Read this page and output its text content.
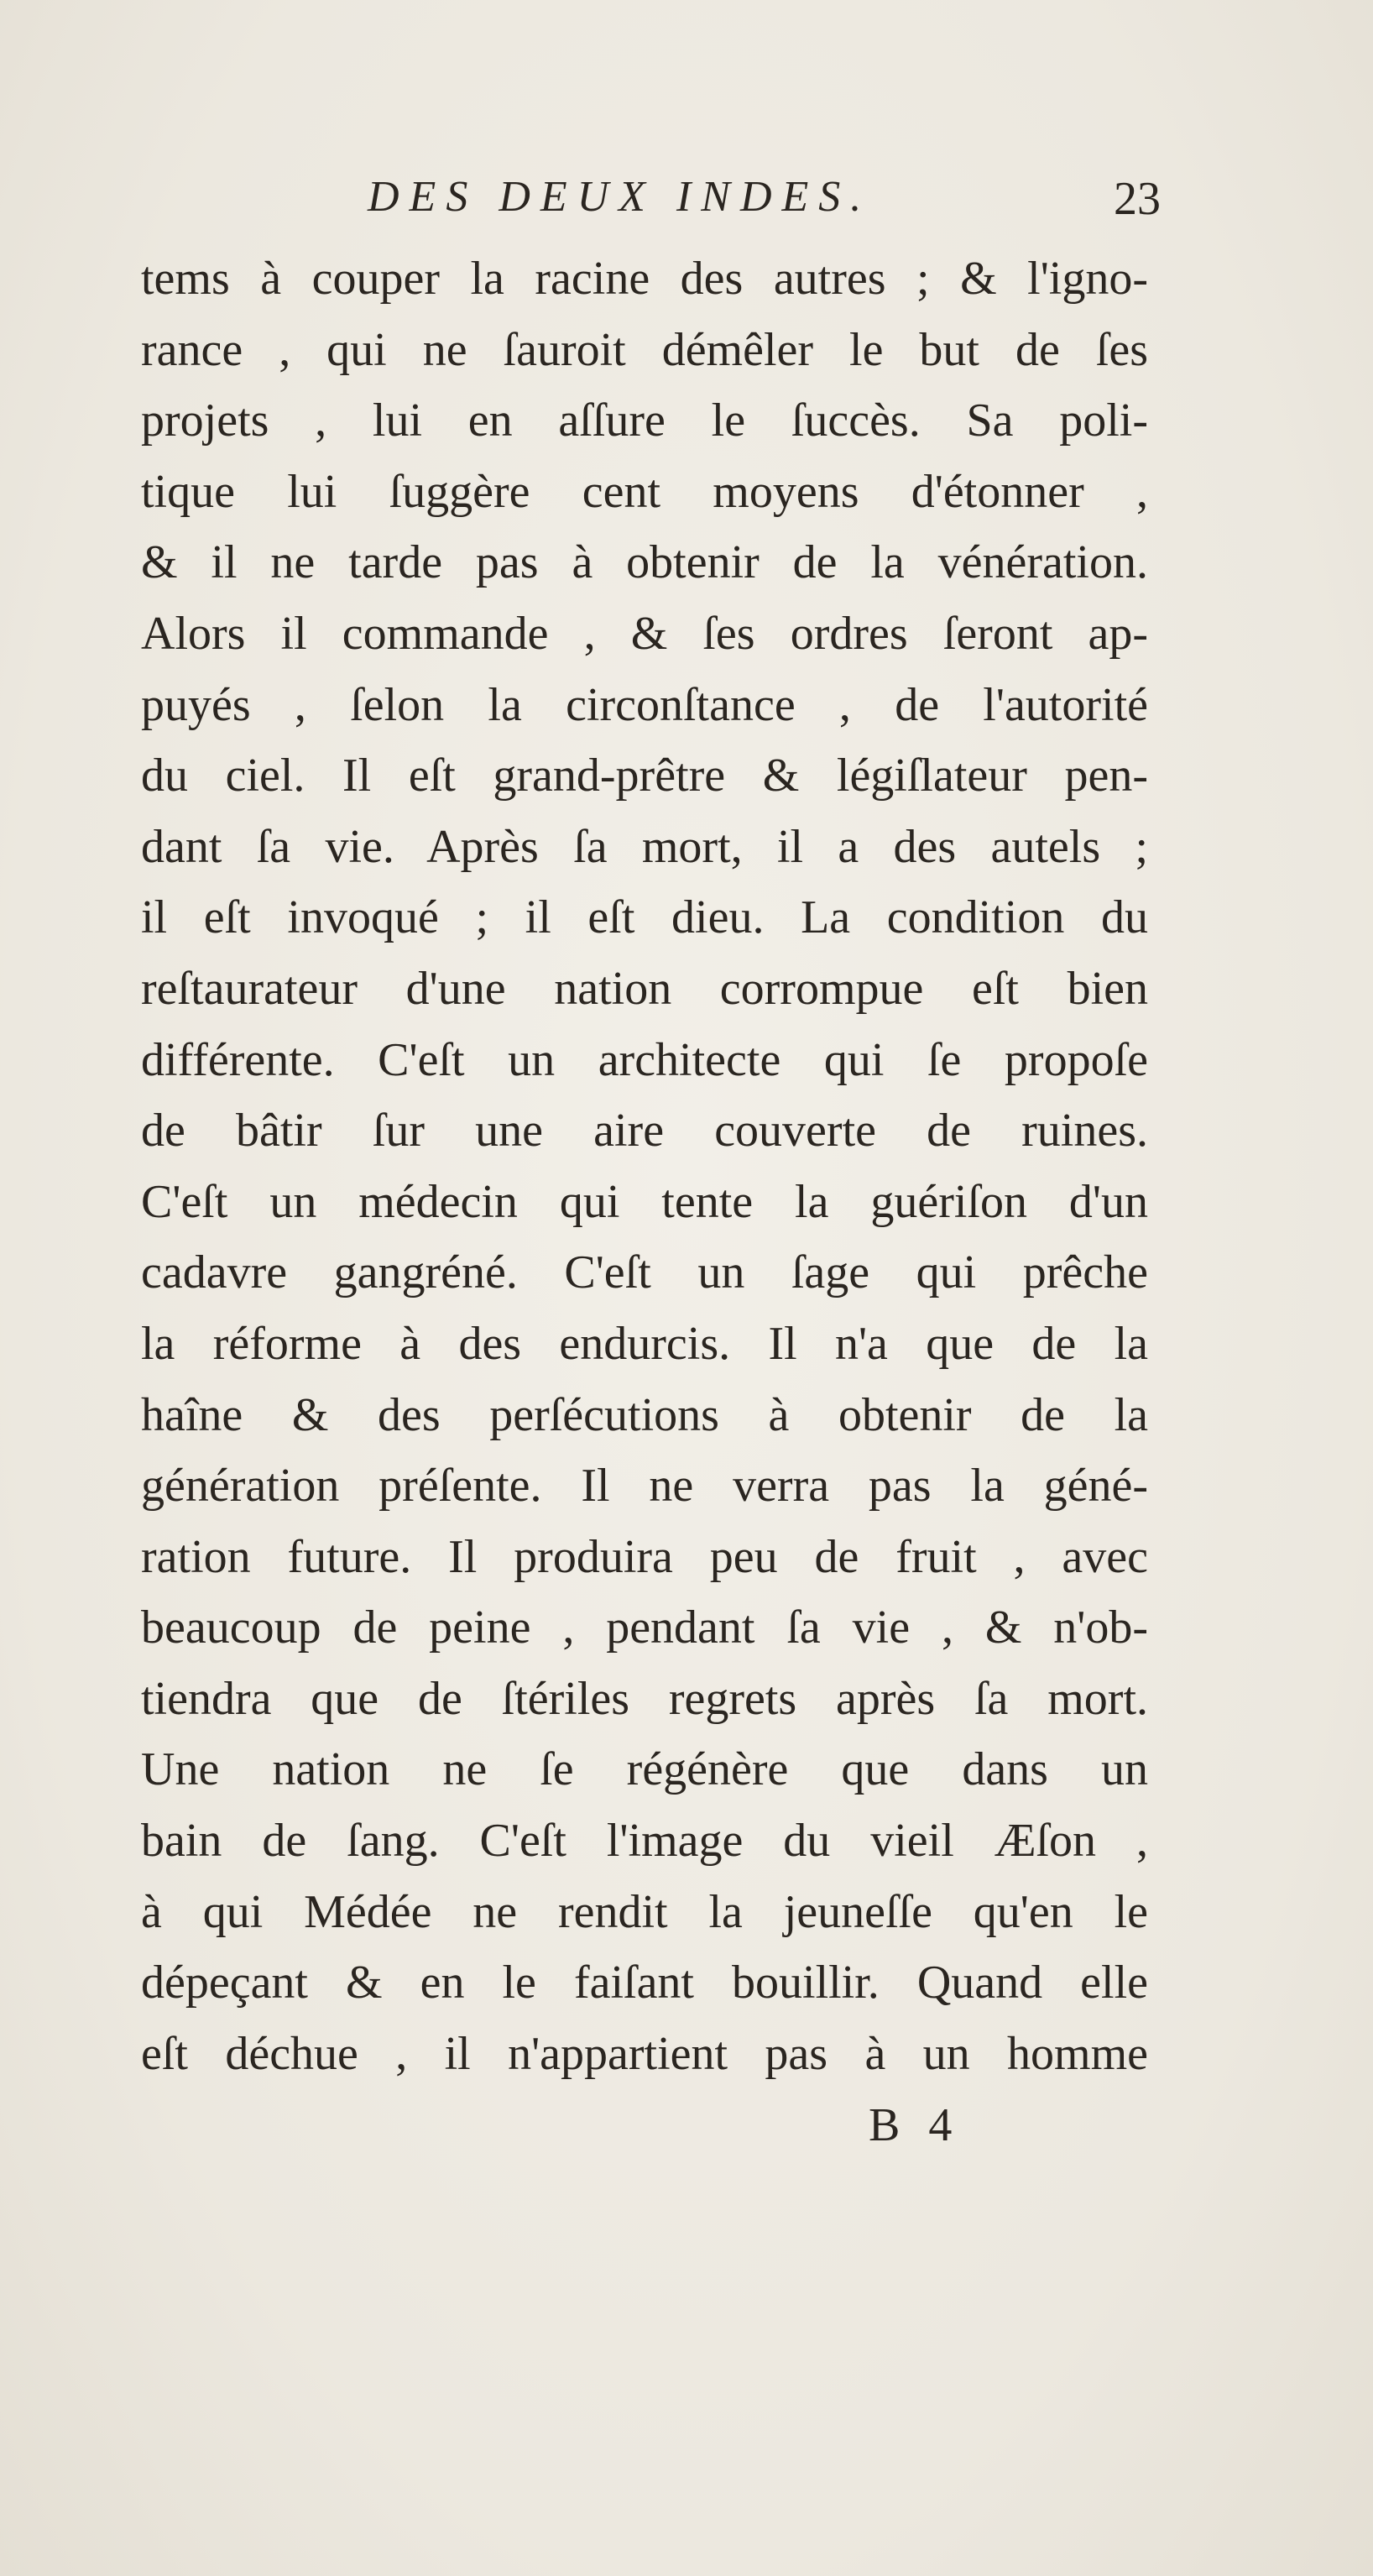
DES DEUX INDES.	23
tems à couper la racine des autres ; & l'igno-
rance , qui ne ſauroit démêler le but de ſes
projets , lui en aſſure le ſuccès. Sa poli-
tique lui ſuggère cent moyens d'étonner ,
& il ne tarde pas à obtenir de la vénération.
Alors il commande , & ſes ordres ſeront ap-
puyés , ſelon la circonſtance , de l'autorité
du ciel. Il eſt grand-prêtre & légiſlateur pen-
dant ſa vie. Après ſa mort, il a des autels ;
il eſt invoqué ; il eſt dieu. La condition du
reſtaurateur d'une nation corrompue eſt bien
différente. C'eſt un architecte qui ſe propoſe
de bâtir ſur une aire couverte de ruines.
C'eſt un médecin qui tente la guériſon d'un
cadavre gangréné. C'eſt un ſage qui prêche
la réforme à des endurcis. Il n'a que de la
haîne & des perſécutions à obtenir de la
génération préſente. Il ne verra pas la géné-
ration future. Il produira peu de fruit , avec
beaucoup de peine , pendant ſa vie , & n'ob-
tiendra que de ſtériles regrets après ſa mort.
Une nation ne ſe régénère que dans un
bain de ſang. C'eſt l'image du vieil Æſon ,
à qui Médée ne rendit la jeuneſſe qu'en le
dépeçant & en le faiſant bouillir. Quand elle
eſt déchue , il n'appartient pas à un homme
B 4
